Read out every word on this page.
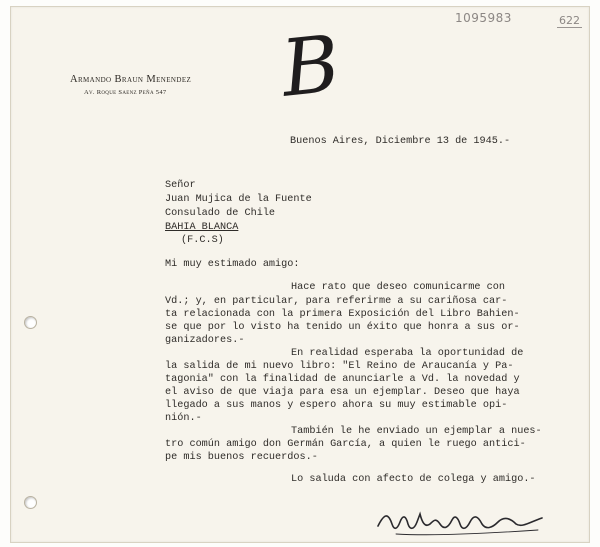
1095983	622
B
Armando Braun Menendez
Av. Roque Saenz Peña 547
Buenos Aires, Diciembre 13 de 1945.-
Señor
Juan Mujica de la Fuente
Consulado de Chile
BAHIA BLANCA
(F.C.S)
Mi muy estimado amigo:
Hace rato que deseo comunicarme con
Vd.; y, en particular, para referirme a su cariñosa car-
ta relacionada con la primera Exposición del Libro Bahien-
se que por lo visto ha tenido un éxito que honra a sus or-
ganizadores.-
En realidad esperaba la oportunidad de
la salida de mi nuevo libro: "El Reino de Araucanía y Pa-
tagonia" con la finalidad de anunciarle a Vd. la novedad y
el aviso de que viaja para esa un ejemplar. Deseo que haya
llegado a sus manos y espero ahora su muy estimable opi-
nión.-
También le he enviado un ejemplar a nues-
tro común amigo don Germán García, a quien le ruego antici-
pe mis buenos recuerdos.-
Lo saluda con afecto de colega y amigo.-
